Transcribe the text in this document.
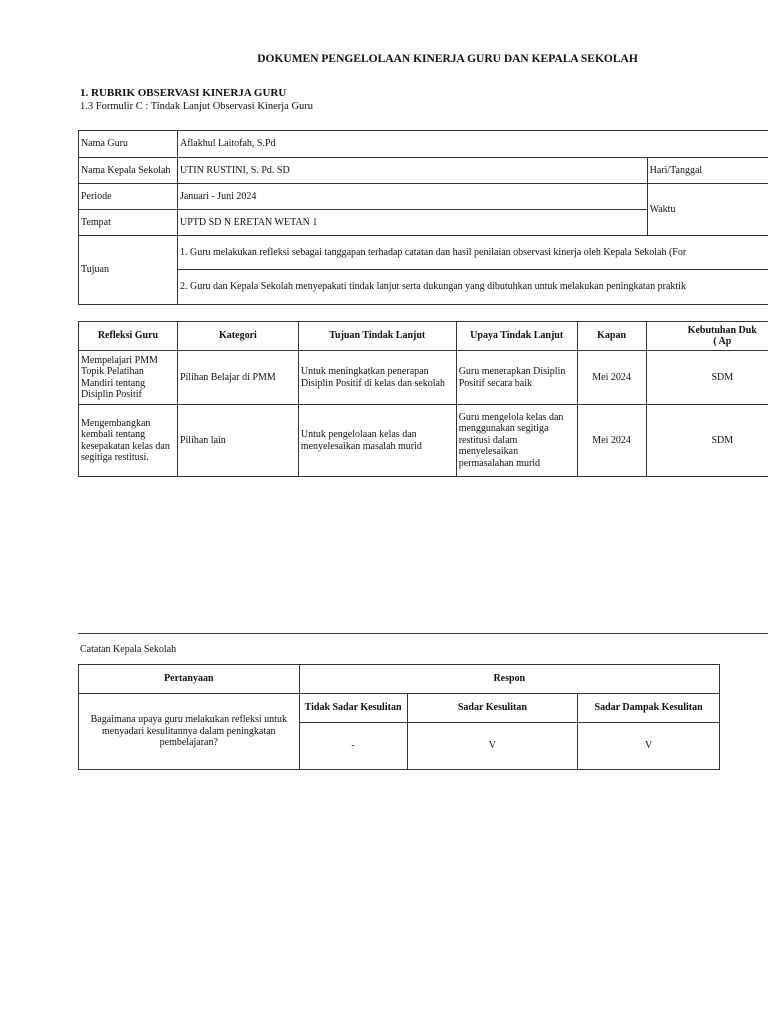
DOKUMEN PENGELOLAAN KINERJA GURU DAN KEPALA SEKOLAH
1. RUBRIK OBSERVASI KINERJA GURU
1.3 Formulir C : Tindak Lanjut Observasi Kinerja Guru
Nama Guru	Aflakhul Laitofah, S.Pd	
Nama Kepala Sekolah	UTIN RUSTINI, S. Pd. SD	Hari/Tanggal
Periode	Januari - Juni 2024	Waktu
Tempat	UPTD SD N ERETAN WETAN 1	
Tujuan	1. Guru melakukan refleksi sebagai tanggapan terhadap catatan dan hasil penilaian observasi kinerja oleh Kepala Sekolah (For	
	2. Guru dan Kepala Sekolah menyepakati tindak lanjut serta dukungan yang dibutuhkan untuk melakukan peningkatan praktik	
Refleksi Guru	Kategori	Tujuan Tindak Lanjut	Upaya Tindak Lanjut	Kapan	Kebutuhan Duk
( Ap

Mempelajari PMM Topik Pelatihan Mandiri tentang Disiplin Positif	Pilihan Belajar di PMM	Untuk meningkatkan penerapan Disiplin Positif di kelas dan sekolah	Guru menerapkan Disiplin Positif secara baik	Mei 2024	SDM
Mengembangkan kembali tentang kesepakatan kelas dan segitiga restitusi.	Pilihan lain	Untuk pengelolaan kelas dan menyelesaikan masalah murid	Guru mengelola kelas dan menggunakan segitiga restitusi dalam menyelesaikan permasalahan murid	Mei 2024	SDM
Catatan Kepala Sekolah
Pertanyaan	Respon		
Bagaimana upaya guru melakukan refleksi untuk menyadari kesulitannya dalam peningkatan pembelajaran?	Tidak Sadar Kesulitan	Sadar Kesulitan	Sadar Dampak Kesulitan
	-	V	V
